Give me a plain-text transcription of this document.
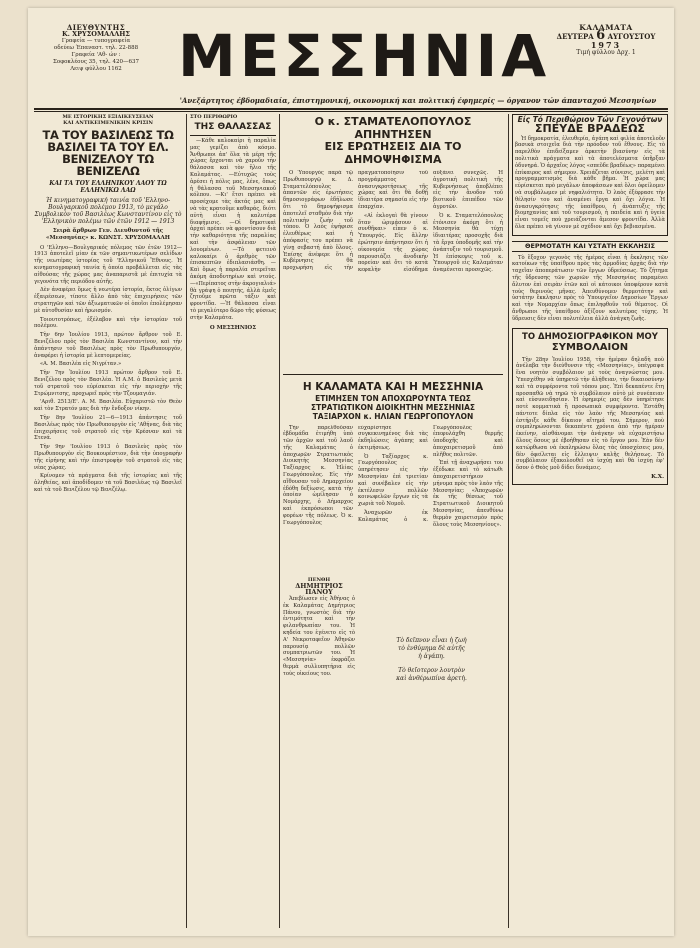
ΔΙΕΥΘΥΝΤΗΣ
Κ. ΧΡΥΣΟΜΑΛΛΗΣ
Γραφεία — τυπογραφεία
οδεύεω Έπαναστ. τηλ. 22-888
Γραφεία 'Αθ- ών :
Σοφοκλέους 35, τηλ. 420—637
Λειψ φύλλου 1162 ΜΕΣΣΗΝΙΑ	ΚΑΛΑΜΑΤΑ
ΔΕΥΤΕΡΑ 6 ΑΥΓΟΥΣΤΟΥ
1973
Τιμή φύλλου Δρχ. 1
'Ανεξάρτητος έβδομαδιαία, έπιστημονική, οικονομική και πολιτική έφημερίς — όργανον τών άπανταχού Μεσσηνίων
ΜΕ ΙΣΤΟΡΙΚΗΣ ΕΞΙΔΙΚΕΥΣΕΙΑΝ
ΚΑΙ ΑΝΤΙΚΕΙΜΕΝΙΚΗΝ ΚΡΙΣΙΝ
ΤΑ ΤΟΥ ΒΑΣΙΛΕΩΣ ΤΩ ΒΑΣΙΛΕΙ ΤΑ ΤΟΥ ΕΛ. ΒΕΝΙΖΕΛΟΥ ΤΩ ΒΕΝΙΖΕΛΩ
ΚΑΙ ΤΑ ΤΟΥ ΕΛΛΗΝΙΚΟΥ ΛΑΟΥ ΤΩ ΕΛΛΗΝΙΚΩ ΛΑΩ
Ή κινηματογραφική ταινία τοῦ 'Ελληνο-Βουλγαρικοῦ πολέμου 1913, τὸ μεγάλο Συμβολικὸν τοῦ Βασιλέως Κωνσταντίνου εἰς τὸ 'Ελληνικὸν πολέμω τῶν έτῶν 1912 — 1913
Σειρὰ ἄρθρων Γεν. Διευθυντοῦ τῆς «Μεσσηνίας» κ. ΚΩΝΣΤ. ΧΡΥΣΟΜΑΛΛΗ

Ο 'Ελληνο—Βουλγαρικός πόλεμος τῶν ἐτῶν 1912—1913 ἀποτελεῖ μίαν ἐκ τῶν σημαντικωτέρων σελίδων τῆς νεωτέρας ἱστορίας τοῦ 'Ελληνικοῦ Ἔθνους. Ἡ κινηματογραφική ταινία ἡ ὁποία προβάλλεται εἰς τὰς αἰθούσας τῆς χώρας μας ἀναπαριστᾶ μὲ ἐπιτυχία τὰ γεγονότα τῆς περιόδου αὐτῆς.

Δὲν ἀναφέρει ὅμως ἡ νεωτέρα ἱστορία, ἔκτος ὀλίγων ἐξαιρέσεων, τίποτε ἄλλο ἀπὸ τὰς ἐπιχειρήσεις τῶν στρατηγῶν καὶ τῶν ἀξιωματικῶν οἱ ὁποῖοι ἐπολέμησαν μὲ αὐτοθυσίαν καὶ ἡρωισμόν.

Τοιουτοτρόπως, ἐξέλαβον καὶ τὴν ἱστορίαν τοῦ πολέμου.

Τὴν 6ην Ἰουλίου 1913, πρώτον ἄρθρον τοῦ Ε. Βενιζέλου πρὸς τὸν Βασιλέα Κωνσταντίνον, καὶ τὴν ἀπάντησιν τοῦ Βασιλέως πρὸς τὸν Πρωθυπουργόν, ἀναφέρει ἡ ἱστορία μὲ λεπτομερείας.

«Α. Μ. Βασιλέα εἰς Νιγρίταν.»

Τὴν 7ην Ἰουλίου 1913 πρώτον ἄρθρον τοῦ Ε. Βενιζέλου πρὸς τὸν Βασιλέα. Ἡ Α.Μ. ὁ Βασιλεὺς μετὰ τοῦ στρατοῦ του εὑρίσκεται εἰς τὴν περιοχὴν τῆς Στρώμνιτσης, προχωρεῖ πρὸς τὴν Τζουμαγιάν.

'Αριθ. 2513/Ε'. Α. Μ. Βασιλέα. Εὐχαριστῶ τὸν Θεὸν καὶ τὸν Στρατόν μας διὰ τὴν ἔνδοξον νίκην.

Τὴν 8ην 'Ιουλίου 21—6—1913 ἀπάντησις τοῦ Βασιλέως πρὸς τὸν Πρωθυπουργὸν εἰς 'Αθήνας, διὰ τὰς ἐπιχειρήσεις τοῦ στρατοῦ εἰς τὴν Κρέσναν καὶ τὰ Στενά.

Τὴν 9ην 'Ιουλίου 1913 ὁ Βασιλεὺς πρὸς τὸν Πρωθυπουργὸν εἰς Βουκουρέστιον, διὰ τὴν ὑπογραφὴν τῆς εἰρήνης καὶ τὴν ἐπιστροφὴν τοῦ στρατοῦ εἰς τὰς νέας χώρας.

Κρίνομεν τὰ πράγματα διὰ τῆς ἱστορίας καὶ τῆς ἀληθείας, καὶ ἀποδίδομεν τὰ τοῦ Βασιλέως τῷ Βασιλεῖ καὶ τὰ τοῦ Βενιζέλου τῷ Βενιζέλῳ.

ΣΤΟ ΠΕΡΙΘΩΡΙΟ
ΤΗΣ ΘΑΛΑΣΣΑΣ

—Κάθε καλοκαίρι ἡ παραλία μας γεμίζει ἀπὸ κόσμο. Ἄνθρωποι ἀπ' ὅλα τὰ μέρη τῆς χώρας ἔρχονται νὰ χαροῦν τὴν θάλασσα καὶ τὸν ἥλιο τῆς Καλαμάτας. —Εὐτυχῶς τοὺς ἀρέσει ἡ πόλις μας, λένε, ὅπως ἡ θάλασσα τοῦ Μεσσηνιακοῦ κόλπου. —Κι' ἔτσι πρέπει νὰ προσέχομε τὰς ἀκτάς μας καὶ νὰ τὰς κρατοῦμε καθαράς, διότι αὐτὴ εἶναι ἡ καλυτέρα διαφήμισις. —Οἱ δημοτικαὶ ἀρχαὶ πρέπει νὰ φροντίσουν διὰ τὴν καθαριότητα τῆς παραλίας καὶ τὴν ἀσφάλειαν τῶν λουομένων. —Τὸ φετεινὸ καλοκαίρι ὁ ἀριθμὸς τῶν ἐπισκεπτῶν ἐδιπλασιάσθη. —Καὶ ὅμως ἡ παραλία στερεῖται ἀκόμη ἀποδυτηρίων καὶ ντούς. —«Περίπατος στὴν ἀκρογιαλιά» θὰ γράψη ὁ ποιητής, ἀλλὰ ἐμεῖς ζητοῦμε πρῶτα τάξιν καὶ φροντίδα. —Ἡ θάλασσα εἶναι τὸ μεγαλύτερο δῶρο τῆς φύσεως στὴν Καλαμάτα.

Ο ΜΕΣΣΗΝΙΟΣ
Ο κ. ΣΤΑΜΑΤΕΛΟΠΟΥΛΟΣ ΑΠΗΝΤΗΣΕΝ
ΕΙΣ ΕΡΩΤΗΣΕΙΣ ΔΙΑ ΤΟ ΔΗΜΟΨΗΦΙΣΜΑ

Ο Ὑπουργὸς παρὰ τῷ Πρωθυπουργῷ κ. Δ. Σταματελόπουλος ἀπαντῶν εἰς ἐρωτήσεις δημοσιογράφων ἐδήλωσε ὅτι τὸ δημοψήφισμα ἀποτελεῖ σταθμὸν διὰ τὴν πολιτικὴν ζωὴν τοῦ τόπου. Ὁ λαὸς ἐψήφισε ἐλευθέρως καὶ ἡ ἀπόφασίς του πρέπει νὰ γίνῃ σεβαστή ἀπὸ ὅλους. Ἐπίσης ἀνέφερε ὅτι ἡ Κυβέρνησις θὰ προχωρήση εἰς τὴν πραγματοποίησιν τοῦ προγράμματος ἀνασυγκροτήσεως τῆς χώρας καὶ ὅτι θὰ δοθῇ ἰδιαιτέρα σημασία εἰς τὴν ἐπαρχίαν.

«Αἱ ἐκλογαὶ θὰ γίνουν ὅταν ὡριμάσουν αἱ συνθῆκαι» εἶπεν ὁ κ. Ὑπουργός. Εἰς ἄλλην ἐρώτησιν ἀπήντησεν ὅτι ἡ οἰκονομία τῆς χώρας παρουσιάζει ἀνοδικὴν πορείαν καὶ ὅτι τὸ κατὰ κεφαλὴν εἰσόδημα αὐξάνει συνεχῶς. Ἡ ἀγροτικὴ πολιτικὴ τῆς Κυβερνήσεως ἀποβλέπει εἰς τὴν ἄνοδον τοῦ βιοτικοῦ ἐπιπέδου τῶν ἀγροτῶν.

Ὁ κ. Σταματελόπουλος ἐτόνισεν ἀκόμη ὅτι ἡ Μεσσηνία θὰ τύχῃ ἰδιαιτέρας προσοχῆς διὰ τὰ ἔργα ὑποδομῆς καὶ τὴν ἀνάπτυξιν τοῦ τουρισμοῦ. Ἡ ἐπίσκεψις τοῦ κ. Ὑπουργοῦ εἰς Καλαμάταν ἀναμένεται προσεχῶς.

Η ΚΑΛΑΜΑΤΑ ΚΑΙ Η ΜΕΣΣΗΝΙΑ
ΕΤΙΜΗΣΕΝ ΤΟΝ ΑΠΟΧΩΡΟΥΝΤΑ ΤΕΩΣ
ΣΤΡΑΤΙΩΤΙΚΟΝ ΔΙΟΙΚΗΤΗΝ ΜΕΣΣΗΝΙΑΣ
ΤΑΞΙΑΡΧΟΝ κ. ΗΛΙΑΝ ΓΕΩΡΓΟΠΟΥΛΟΝ

Τὴν παρελθοῦσαν ἑβδομάδα ἐτιμήθη ὑπὸ τῶν ἀρχῶν καὶ τοῦ λαοῦ τῆς Καλαμάτας ὁ ἀποχωρῶν Στρατιωτικὸς Διοικητὴς Μεσσηνίας Ταξίαρχος κ. Ἠλίας Γεωργόπουλος. Εἰς τὴν αἴθουσαν τοῦ Δημαρχείου ἐδόθη δεξίωσις, κατὰ τὴν ὁποίαν ὡμίλησαν ὁ Νομάρχης, ὁ Δήμαρχος καὶ ἐκπρόσωποι τῶν φορέων τῆς πόλεως. Ὁ κ. Γεωργόπουλος εὐχαρίστησε συγκεκινημένος διὰ τὰς ἐκδηλώσεις ἀγάπης καὶ ἐκτιμήσεως.

Ὁ Ταξίαρχος κ. Γεωργόπουλος ὑπηρέτησεν εἰς τὴν Μεσσηνίαν ἐπὶ τριετίαν καὶ συνέβαλεν εἰς τὴν ἐκτέλεσιν πολλῶν κοινωφελῶν ἔργων εἰς τὰ χωριὰ τοῦ Νομοῦ.

Ἀναχωρῶν ἐκ Καλαμάτας ὁ κ. Γεωργόπουλος ἐπεφυλάχθη θερμῆς ὑποδοχῆς καὶ ἀποχαιρετισμοῦ ἀπὸ πλῆθος πολιτῶν.

Ἐπὶ τῇ ἀναχωρήσει του ἐξέδωκε καὶ τὸ κάτωθι ἀποχαιρετιστήριον μήνυμα πρὸς τὸν λαὸν τῆς Μεσσηνίας: «Ἀποχωρῶν ἐκ τῆς θέσεως τοῦ Στρατιωτικοῦ Διοικητοῦ Μεσσηνίας, ἀπευθύνω θερμὸν χαιρετισμὸν πρὸς ὅλους τοὺς Μεσσηνίους».

ΠΕΝΘΗ
ΔΗΜΗΤΡΙΟΣ ΠΑΝΟΥ

Ἀπεβίωσεν εἰς Ἀθήνας ὁ ἐκ Καλαμάτας Δημήτριος Πάνου, γνωστὸς διὰ τὴν ἐντιμότητα καὶ τὴν φιλανθρωπίαν του. Ἡ κηδεία του ἐγένετο εἰς τὸ Α' Νεκροταφεῖον Ἀθηνῶν παρουσίᾳ πολλῶν συμπατριωτῶν του. Ἡ «Μεσσηνία» ἐκφράζει θερμὰ συλλυπητήρια εἰς τοὺς οἰκείους του.

Τὸ δεῖπνον εἶναι ἡ ζωὴ
τὸ ἐνθύμημα δὲ αὐτῆς
ἡ ἀγάπη.
Τὸ θεῖοτερον λουτρὸν
καὶ ἀνθέρωπίνα ἀρετὴ.
Είς Τό Περιθώριον Τών Γεγονότων
ΣΠΕΥΔΕ ΒΡΑΔΕΩΣ

Ἡ δημοκρατία, ἐλευθερία, ἀγάπη καὶ φιλία ἀποτελοῦν βασικὰ στοιχεῖα διὰ τὴν πρόοδον τοῦ ἔθνους. Εἰς τὸ παρελθὸν ἐπιδείξαμεν ἀρκετὴν βιασύνην εἰς τὰ πολιτικὰ πράγματα καὶ τὰ ἀποτελέσματα ὑπῆρξαν ὀδυνηρά. Ὁ ἀρχαῖος λόγος «σπεῦδε βραδέως» παραμένει ἐπίκαιρος καὶ σήμερον. Χρειάζεται σύνεσις, μελέτη καὶ προγραμματισμὸς διὰ κάθε βῆμα. Ἡ χώρα μας εὑρίσκεται πρὸ μεγάλων ἀποφάσεων καὶ ὅλοι ὀφείλομεν νὰ συμβάλωμεν μὲ νηφαλιότητα. Ὁ λαὸς ἐξέφρασε τὴν θέλησίν του καὶ ἀναμένει ἔργα καὶ ὄχι λόγια. Ἡ ἀνασυγκρότησις τῆς ὑπαίθρου, ἡ ἀνάπτυξις τῆς βιομηχανίας καὶ τοῦ τουρισμοῦ, ἡ παιδεία καὶ ἡ ὑγεία εἶναι τομεῖς ποὺ χρειάζονται ἄμεσον φροντίδα. Ἀλλὰ ὅλα πρέπει νὰ γίνουν μὲ σχέδιον καὶ ὄχι βεβιασμένα.

ΘΕΡΜΟΤΑΤΗ ΚΑΙ ΥΣΤΑΤΗ ΕΚΚΛΗΣΙΣ

Τὸ ἔξοχον γεγονὸς τῆς ἡμέρας εἶναι ἡ ἔκκλησις τῶν κατοίκων τῆς ὑπαίθρου πρὸς τὰς ἁρμοδίας ἀρχὰς διὰ τὴν ταχεῖαν ἀποπεράτωσιν τῶν ἔργων ὑδρεύσεως. Τὸ ζήτημα τῆς ὕδρευσης τῶν χωριῶν τῆς Μεσσηνίας παραμένει ἄλυτον ἐπὶ σειρὰν ἐτῶν καὶ οἱ κάτοικοι ὑποφέρουν κατὰ τοὺς θερινοὺς μῆνας. Ἀπευθύνομεν θερμοτάτην καὶ ὑστάτην ἔκκλησιν πρὸς τὸ Ὑπουργεῖον Δημοσίων Ἔργων καὶ τὴν Νομαρχίαν ὅπως ἐπιληφθοῦν τοῦ θέματος. Οἱ ἄνθρωποι τῆς ὑπαίθρου ἀξίζουν καλυτέρας τύχης. Ἡ ὕδρευσις δὲν εἶναι πολυτέλεια ἀλλὰ ἀνάγκη ζωῆς.

ΤΟ ΔΗΜΟΣΙΟΓΡΑΦΙΚΟΝ ΜΟΥ
ΣΥΜΒΟΛΑΙΟΝ

Τὴν 28ην Ἰουλίου 1958, τὴν ἡμέραν δηλαδὴ ποὺ ἀνέλαβα τὴν διεύθυνσιν τῆς «Μεσσηνίας», ὑπέγραψα ἕνα νοητὸν συμβόλαιον μὲ τοὺς ἀναγνώστας μου. Ὑπεσχέθην νὰ ὑπηρετῶ τὴν ἀλήθειαν, τὴν δικαιοσύνην καὶ τὰ συμφέροντα τοῦ τόπου μας. Ἐπὶ δεκαπέντε ἔτη προσπαθῶ νὰ τηρῶ τὸ συμβόλαιον αὐτὸ μὲ συνέπειαν καὶ εὐσυνειδησίαν. Ἡ ἐφημερίς μας δὲν ὑπηρέτησε ποτὲ κομματικὰ ἢ προσωπικὰ συμφέροντα. Ἐστάθη πάντοτε δίπλα εἰς τὸν λαὸν τῆς Μεσσηνίας καὶ ἐστήριξε κάθε δίκαιον αἴτημά του. Σήμερον, ποὺ συμπληρώνονται δεκαπέντε χρόνια ἀπὸ τὴν ἡμέραν ἐκείνην, αἰσθάνομαι τὴν ἀνάγκην νὰ εὐχαριστήσω ὅλους ὅσους μὲ ἐβοήθησαν εἰς τὸ ἔργον μου. Ἐὰν δὲν κατώρθωσα νὰ ἐκπληρώσω ὅλας τὰς ὑποσχέσεις μου, δὲν ὀφείλεται εἰς ἔλλειψιν καλῆς θελήσεως. Τὸ συμβόλαιον ἐξακολουθεῖ νὰ ἰσχύῃ καὶ θὰ ἰσχύῃ ἐφ' ὅσον ὁ Θεὸς μοῦ δίδει δυνάμεις.

Κ.Χ.
